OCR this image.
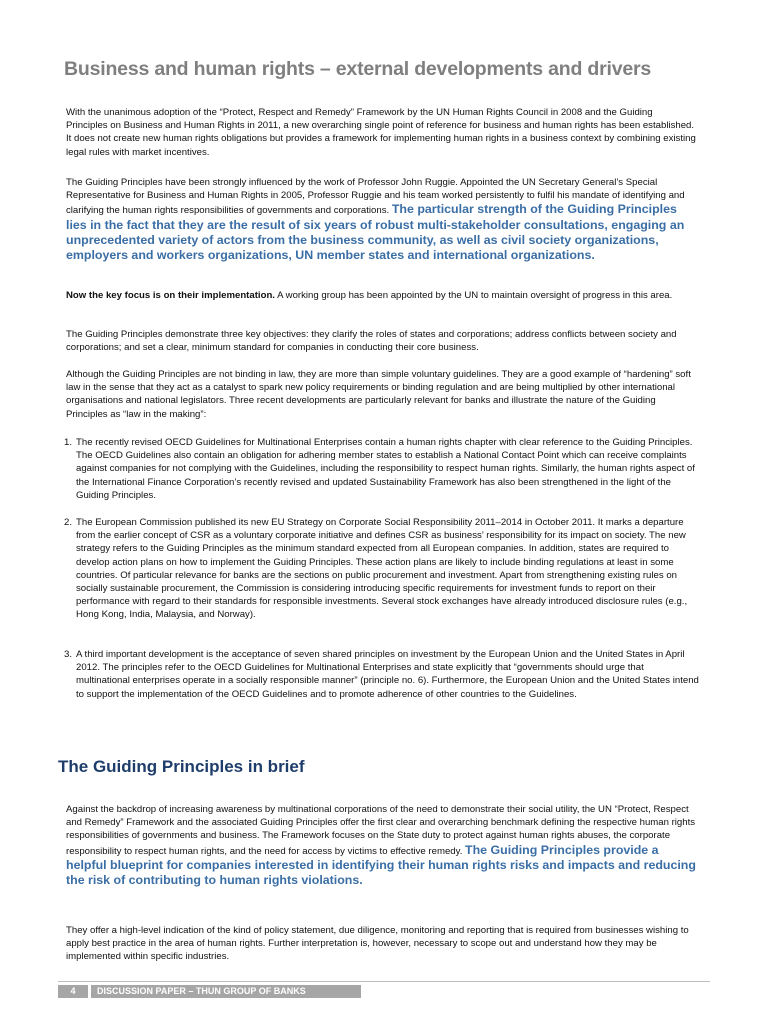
Business and human rights – external developments and drivers

With the unanimous adoption of the “Protect, Respect and Remedy” Framework by the UN Human Rights Council in 2008 and the Guiding Principles on Business and Human Rights in 2011, a new overarching single point of reference for business and human rights has been established. It does not create new human rights obligations but provides a framework for implementing human rights in a business context by combining existing legal rules with market incentives.

The Guiding Principles have been strongly influenced by the work of Professor John Ruggie. Appointed the UN Secretary General’s Special Representative for Business and Human Rights in 2005, Professor Ruggie and his team worked persistently to fulfil his mandate of identifying and clarifying the human rights responsibilities of governments and corporations. The particular strength of the Guiding Principles lies in the fact that they are the result of six years of robust multi-stakeholder consultations, engaging an unprecedented variety of actors from the business community, as well as civil society organizations, employers and workers organizations, UN member states and international organizations.

Now the key focus is on their implementation. A working group has been appointed by the UN to maintain oversight of progress in this area.

The Guiding Principles demonstrate three key objectives: they clarify the roles of states and corporations; address conflicts between society and corporations; and set a clear, minimum standard for companies in conducting their core business.

Although the Guiding Principles are not binding in law, they are more than simple voluntary guidelines. They are a good example of “hardening” soft law in the sense that they act as a catalyst to spark new policy requirements or binding regulation and are being multiplied by other international organisations and national legislators. Three recent developments are particularly relevant for banks and illustrate the nature of the Guiding Principles as “law in the making”:

1. The recently revised OECD Guidelines for Multinational Enterprises contain a human rights chapter with clear reference to the Guiding Principles. The OECD Guidelines also contain an obligation for adhering member states to establish a National Contact Point which can receive complaints against companies for not complying with the Guidelines, including the responsibility to respect human rights. Similarly, the human rights aspect of the International Finance Corporation’s recently revised and updated Sustainability Framework has also been strengthened in the light of the Guiding Principles.
2. The European Commission published its new EU Strategy on Corporate Social Responsibility 2011–2014 in October 2011. It marks a departure from the earlier concept of CSR as a voluntary corporate initiative and defines CSR as business’ responsibility for its impact on society. The new strategy refers to the Guiding Principles as the minimum standard expected from all European companies. In addition, states are required to develop action plans on how to implement the Guiding Principles. These action plans are likely to include binding regulations at least in some countries. Of particular relevance for banks are the sections on public procurement and investment. Apart from strengthening existing rules on socially sustainable procurement, the Commission is considering introducing specific requirements for investment funds to report on their performance with regard to their standards for responsible investments. Several stock exchanges have already introduced disclosure rules (e.g., Hong Kong, India, Malaysia, and Norway).
3. A third important development is the acceptance of seven shared principles on investment by the European Union and the United States in April 2012. The principles refer to the OECD Guidelines for Multinational Enterprises and state explicitly that “governments should urge that multinational enterprises operate in a socially responsible manner” (principle no. 6). Furthermore, the European Union and the United States intend to support the implementation of the OECD Guidelines and to promote adherence of other countries to the Guidelines.
The Guiding Principles in brief

Against the backdrop of increasing awareness by multinational corporations of the need to demonstrate their social utility, the UN “Protect, Respect and Remedy” Framework and the associated Guiding Principles offer the first clear and overarching benchmark defining the respective human rights responsibilities of governments and business. The Framework focuses on the State duty to protect against human rights abuses, the corporate responsibility to respect human rights, and the need for access by victims to effective remedy. The Guiding Principles provide a helpful blueprint for companies interested in identifying their human rights risks and impacts and reducing the risk of contributing to human rights violations.

They offer a high-level indication of the kind of policy statement, due diligence, monitoring and reporting that is required from businesses wishing to apply best practice in the area of human rights. Further interpretation is, however, necessary to scope out and understand how they may be implemented within specific industries.

4	DISCUSSION PAPER – THUN GROUP OF BANKS
